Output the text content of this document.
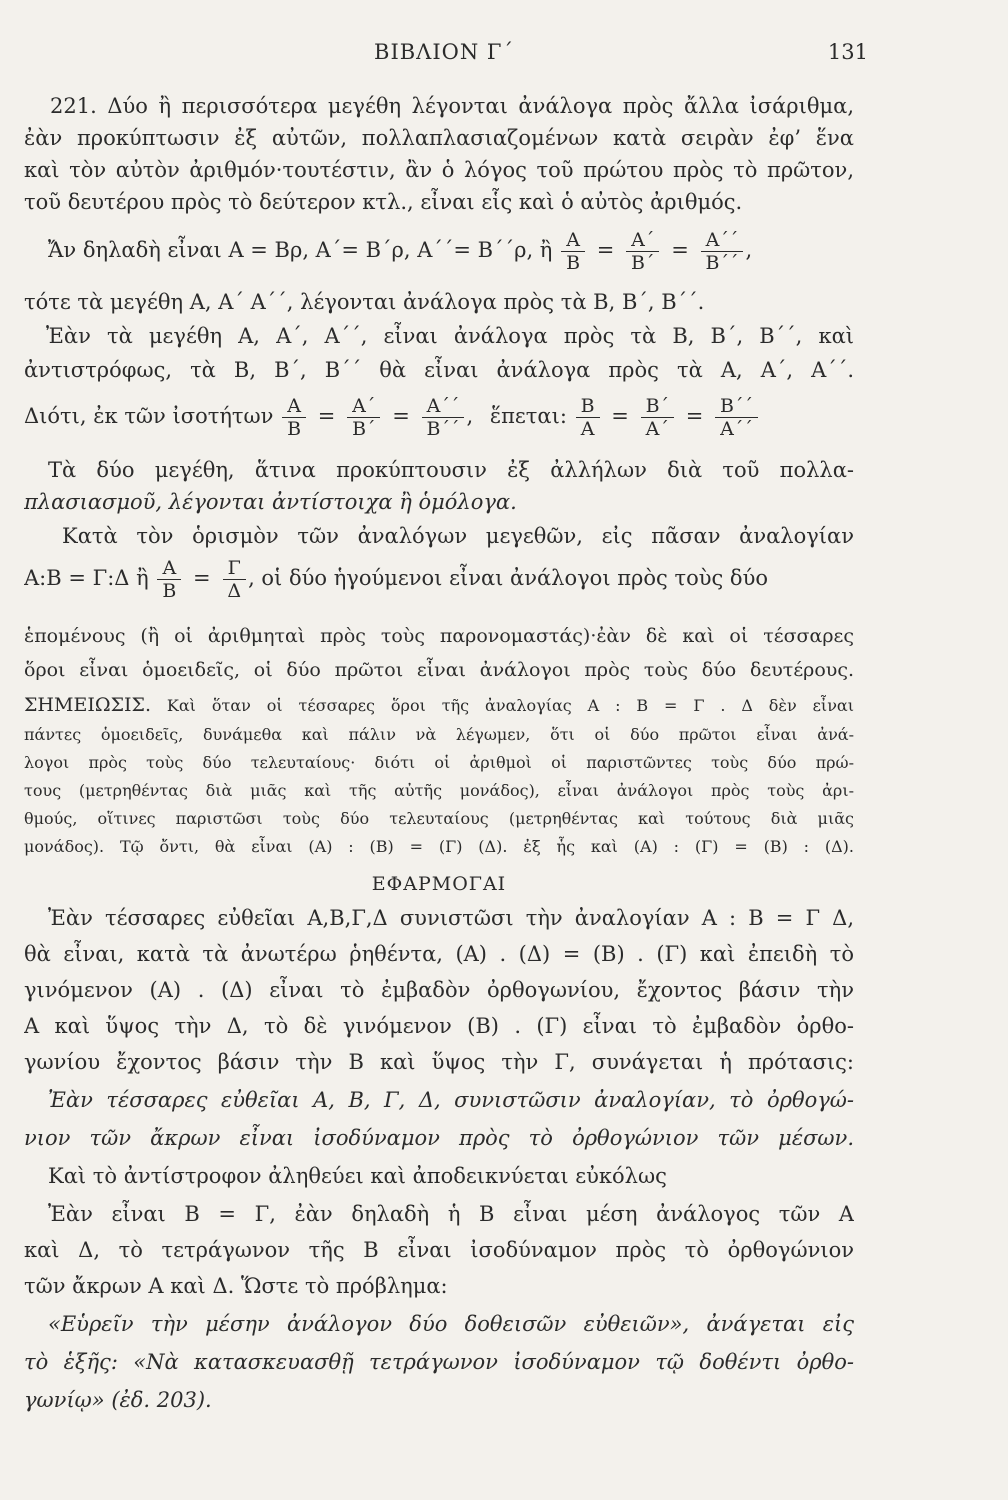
ΒΙΒΛΙΟΝ Γ΄	131
221. Δύο ἢ περισσότερα μεγέθη λέγονται ἀνάλογα πρὸς ἄλλα ἰσάριθμα,
ἐὰν προκύπτωσιν ἐξ αὐτῶν, πολλαπλασιαζομένων κατὰ σειρὰν ἐφ’ ἕνα
καὶ τὸν αὐτὸν ἀριθμόν·τουτέστιν, ἂν ὁ λόγος τοῦ πρώτου πρὸς τὸ πρῶτον,
τοῦ δευτέρου πρὸς τὸ δεύτερον κτλ., εἶναι εἷς καὶ ὁ αὐτὸς ἀριθμός.
Ἄν δηλαδὴ εἶναι Α = Βρ, Α΄= Β΄ρ, Α΄΄= Β΄΄ρ, ἢ $\frac{A}{B} = \frac{A΄}{B΄} = \frac{A΄΄}{B΄΄}$ ,
τότε τὰ μεγέθη Α, Α΄ Α΄΄, λέγονται ἀνάλογα πρὸς τὰ Β, Β΄, Β΄΄.
Ἐὰν τὰ μεγέθη Α, Α΄, Α΄΄, εἶναι ἀνάλογα πρὸς τὰ Β, Β΄, Β΄΄, καὶ
ἀντιστρόφως, τὰ Β, Β΄, Β΄΄ θὰ εἶναι ἀνάλογα πρὸς τὰ Α, Α΄, Α΄΄.
Διότι, ἐκ τῶν ἰσοτήτων $\frac{A}{B} = \frac{A΄}{B΄} = \frac{A΄΄}{B΄΄}$ , ἕπεται: $\frac{B}{A} = \frac{B΄}{A΄} = \frac{B΄΄}{A΄΄}$
Τὰ δύο μεγέθη, ἅτινα προκύπτουσιν ἐξ ἀλλήλων διὰ τοῦ πολλα-
πλασιασμοῦ, λέγονται ἀντίστοιχα ἢ ὁμόλογα.
Κατὰ τὸν ὁρισμὸν τῶν ἀναλόγων μεγεθῶν, εἰς πᾶσαν ἀναλογίαν
Α:Β = Γ:Δ ἢ $\frac{A}{B} = \frac{\Gamma}{\Delta}$ , οἱ δύο ἡγούμενοι εἶναι ἀνάλογοι πρὸς τοὺς δύο
ἑπομένους (ἢ οἱ ἀριθμηταὶ πρὸς τοὺς παρονομαστάς)·ἐὰν δὲ καὶ οἱ τέσσαρες
ὅροι εἶναι ὁμοειδεῖς, οἱ δύο πρῶτοι εἶναι ἀνάλογοι πρὸς τοὺς δύο δευτέρους.
ΣΗΜΕΙΩΣΙΣ. Καὶ ὅταν οἱ τέσσαρες ὅροι τῆς ἀναλογίας Α : Β = Γ . Δ δὲν εἶναι
πάντες ὁμοειδεῖς, δυνάμεθα καὶ πάλιν νὰ λέγωμεν, ὅτι οἱ δύο πρῶτοι εἶναι ἀνά-
λογοι πρὸς τοὺς δύο τελευταίους· διότι οἱ ἀριθμοὶ οἱ παριστῶντες τοὺς δύο πρώ-
τους (μετρηθέντας διὰ μιᾶς καὶ τῆς αὐτῆς μονάδος), εἶναι ἀνάλογοι πρὸς τοὺς ἀρι-
θμούς, οἵτινες παριστῶσι τοὺς δύο τελευταίους (μετρηθέντας καὶ τούτους διὰ μιᾶς
μονάδος). Τῷ ὄντι, θὰ εἶναι (Α) : (Β) = (Γ) (Δ). ἐξ ἧς καὶ (Α) : (Γ) = (Β) : (Δ).
ΕΦΑΡΜΟΓΑΙ
Ἐὰν τέσσαρες εὐθεῖαι Α,Β,Γ,Δ συνιστῶσι τὴν ἀναλογίαν Α : Β = Γ Δ,
θὰ εἶναι, κατὰ τὰ ἀνωτέρω ῥηθέντα, (Α) . (Δ) = (Β) . (Γ) καὶ ἐπειδὴ τὸ
γινόμενον (Α) . (Δ) εἶναι τὸ ἐμβαδὸν ὀρθογωνίου, ἔχοντος βάσιν τὴν
Α καὶ ὕψος τὴν Δ, τὸ δὲ γινόμενον (Β) . (Γ) εἶναι τὸ ἐμβαδὸν ὀρθο-
γωνίου ἔχοντος βάσιν τὴν Β καὶ ὕψος τὴν Γ, συνάγεται ἡ πρότασις:
Ἐὰν τέσσαρες εὐθεῖαι Α, Β, Γ, Δ, συνιστῶσιν ἀναλογίαν, τὸ ὀρθογώ-
νιον τῶν ἄκρων εἶναι ἰσοδύναμον πρὸς τὸ ὀρθογώνιον τῶν μέσων.
Καὶ τὸ ἀντίστροφον ἀληθεύει καὶ ἀποδεικνύεται εὐκόλως
Ἐὰν εἶναι Β = Γ, ἐὰν δηλαδὴ ἡ Β εἶναι μέση ἀνάλογος τῶν Α
καὶ Δ, τὸ τετράγωνον τῆς Β εἶναι ἰσοδύναμον πρὸς τὸ ὀρθογώνιον
τῶν ἄκρων Α καὶ Δ. Ὥστε τὸ πρόβλημα:
«Εὑρεῖν τὴν μέσην ἀνάλογον δύο δοθεισῶν εὐθειῶν», ἀνάγεται εἰς
τὸ ἑξῆς: «Νὰ κατασκευασθῇ τετράγωνον ἰσοδύναμον τῷ δοθέντι ὀρθο-
γωνίῳ» (ἐδ. 203).
